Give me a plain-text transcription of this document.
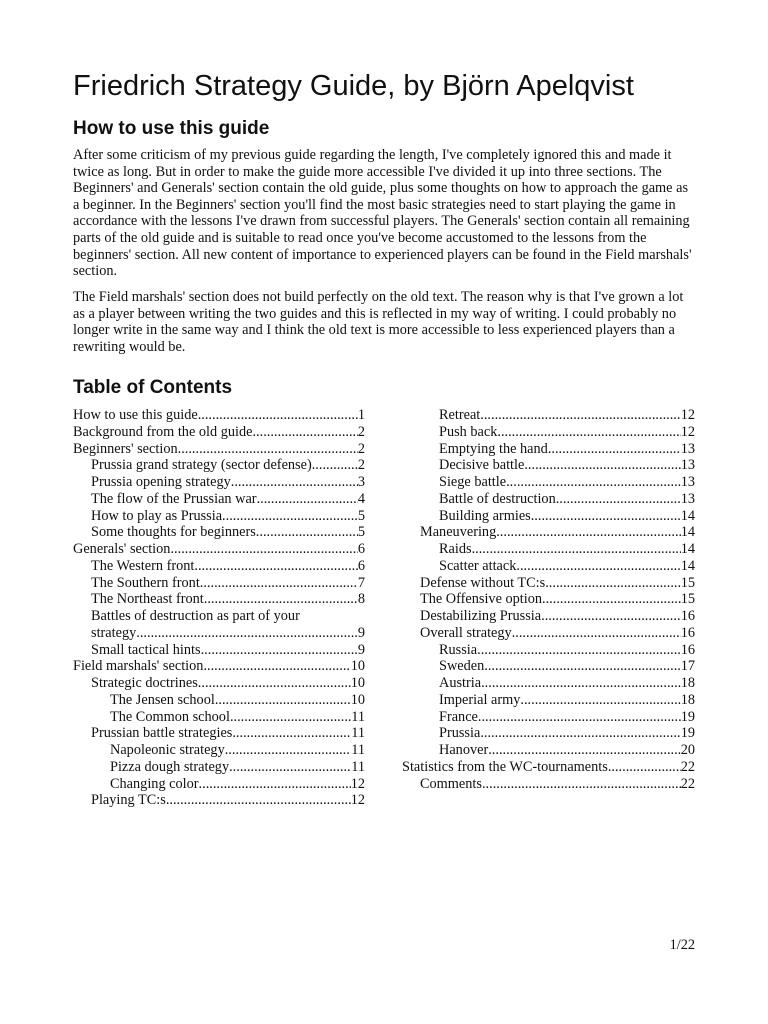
Friedrich Strategy Guide, by Björn Apelqvist
How to use this guide

After some criticism of my previous guide regarding the length, I've completely ignored this and made it twice as long. But in order to make the guide more accessible I've divided it up into three sections. The Beginners' and Generals' section contain the old guide, plus some thoughts on how to approach the game as a beginner. In the Beginners' section you'll find the most basic strategies need to start playing the game in accordance with the lessons I've drawn from successful players. The Generals' section contain all remaining parts of the old guide and is suitable to read once you've become accustomed to the lessons from the beginners' section. All new content of importance to experienced players can be found in the Field marshals' section.

The Field marshals' section does not build perfectly on the old text. The reason why is that I've grown a lot as a player between writing the two guides and this is reflected in my way of writing. I could probably no longer write in the same way and I think the old text is more accessible to less experienced players than a rewriting would be.

Table of Contents
How to use this guide .....	1
Background from the old guide .....	2
Beginners' section .....	2
Prussia grand strategy (sector defense) .....	2
Prussia opening strategy .....	3
The flow of the Prussian war .....	4
How to play as Prussia .....	5
Some thoughts for beginners .....	5
Generals' section .....	6
The Western front .....	6
The Southern front .....	7
The Northeast front .....	8
Battles of destruction as part of your
strategy .....	9
Small tactical hints .....	9
Field marshals' section .....	10
Strategic doctrines .....	10
The Jensen school .....	10
The Common school .....	11
Prussian battle strategies .....	11
Napoleonic strategy .....	11
Pizza dough strategy .....	11
Changing color .....	12
Playing TC:s .....	12
Retreat .....	12
Push back .....	12
Emptying the hand .....	13
Decisive battle .....	13
Siege battle .....	13
Battle of destruction .....	13
Building armies .....	14
Maneuvering .....	14
Raids .....	14
Scatter attack .....	14
Defense without TC:s .....	15
The Offensive option .....	15
Destabilizing Prussia .....	16
Overall strategy .....	16
Russia .....	16
Sweden .....	17
Austria .....	18
Imperial army .....	18
France .....	19
Prussia .....	19
Hanover .....	20
Statistics from the WC-tournaments .....	22
Comments .....	22
1/22
